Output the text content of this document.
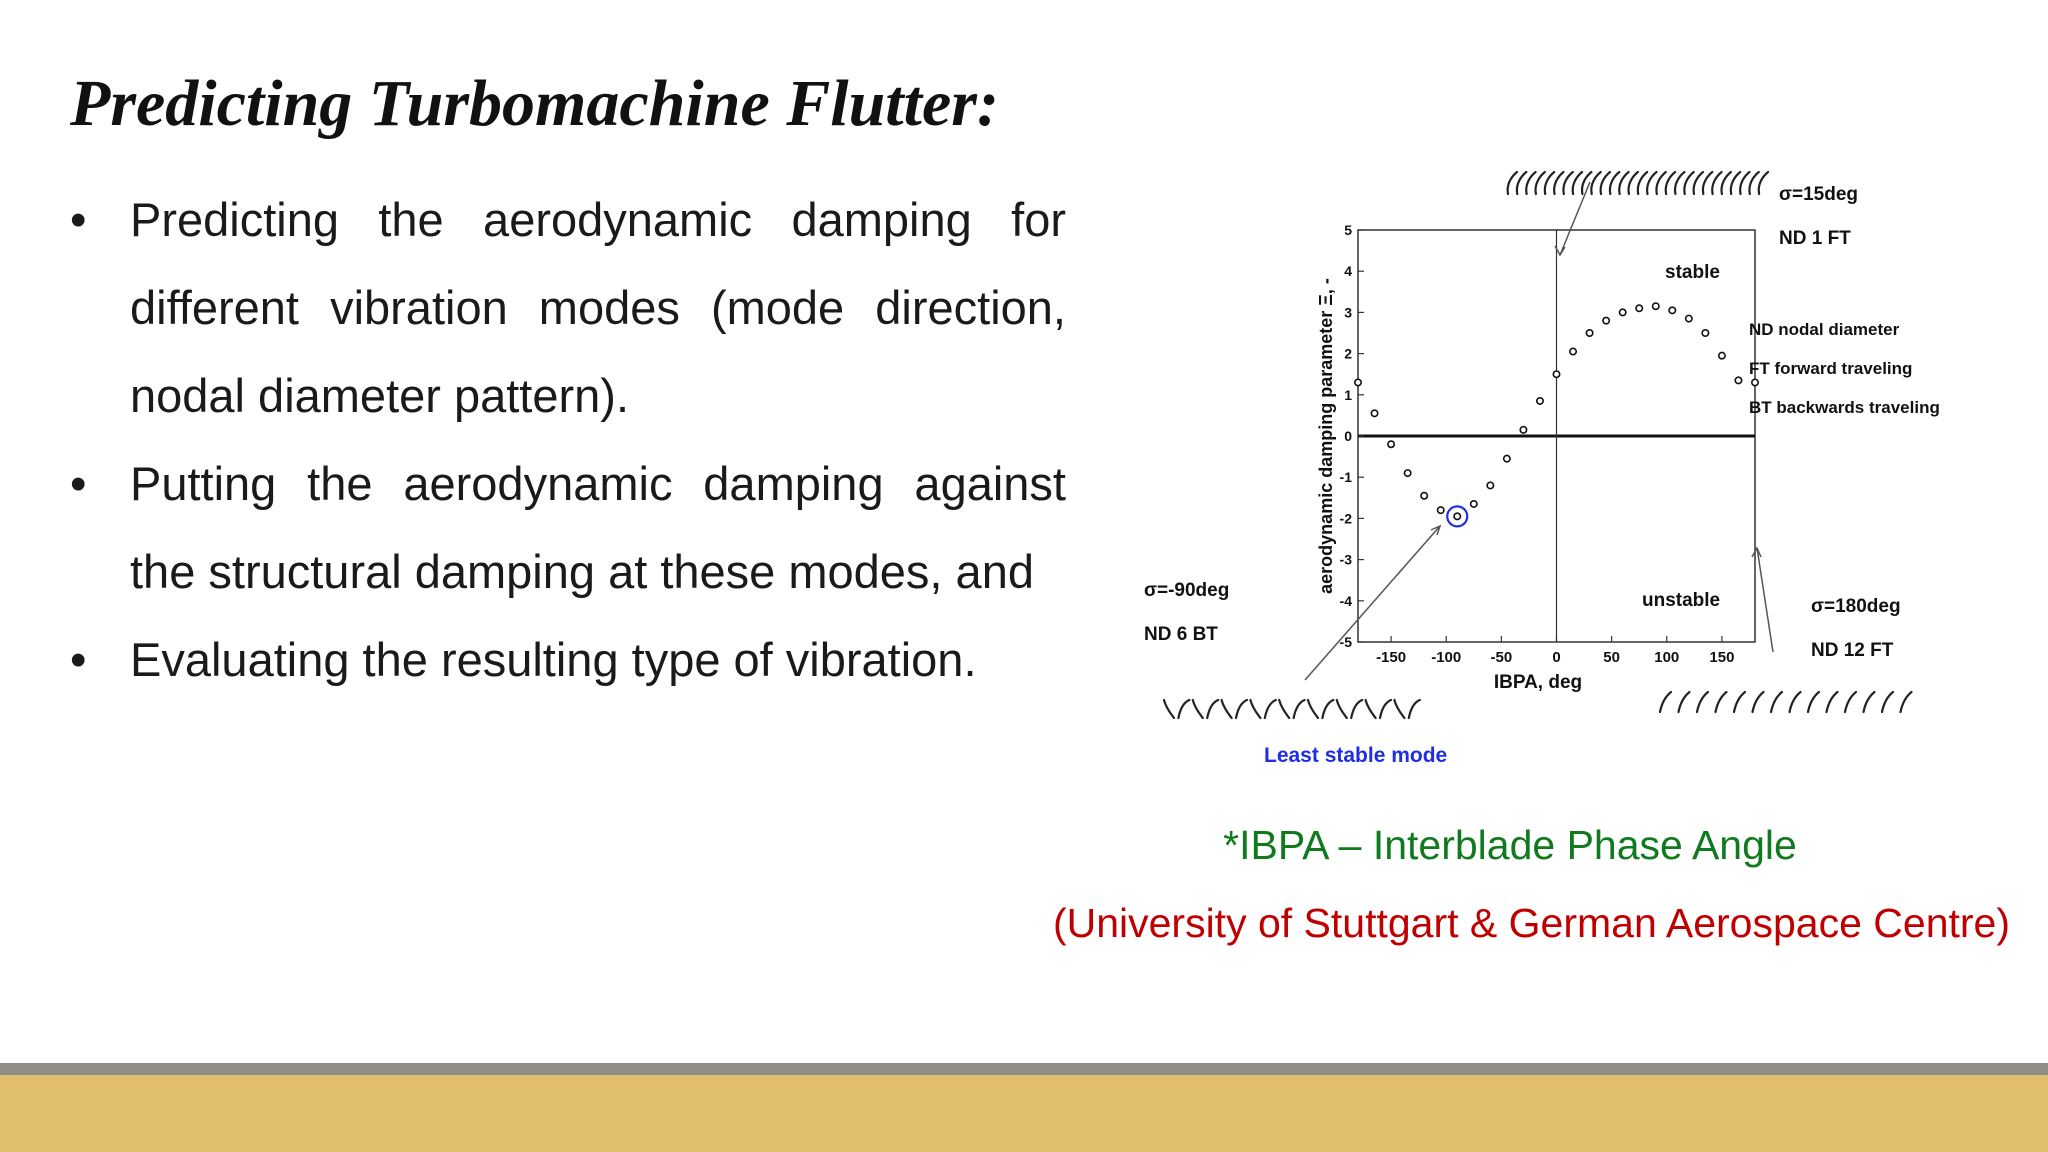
Predicting Turbomachine Flutter:
• Predicting the aerodynamic damping for different vibration modes (mode direction, nodal diameter pattern).
• Putting the aerodynamic damping against the structural damping at these modes, and
• Evaluating the resulting type of vibration.	-150 -100 -50	0	50 100 150
-5
-4
-3
-2
-1
0
1
2
3
4
5
IBPA, deg
aerodynamic damping parameter Ξ, -
stable
unstable
σ=15deg
ND 1 FT
ND nodal diameter
FT forward traveling
BT backwards traveling
σ=-90deg
ND 6 BT
σ=180deg
ND 12 FT
Least stable mode
*IBPA – Interblade Phase Angle
(University of Stuttgart & German Aerospace Centre)
